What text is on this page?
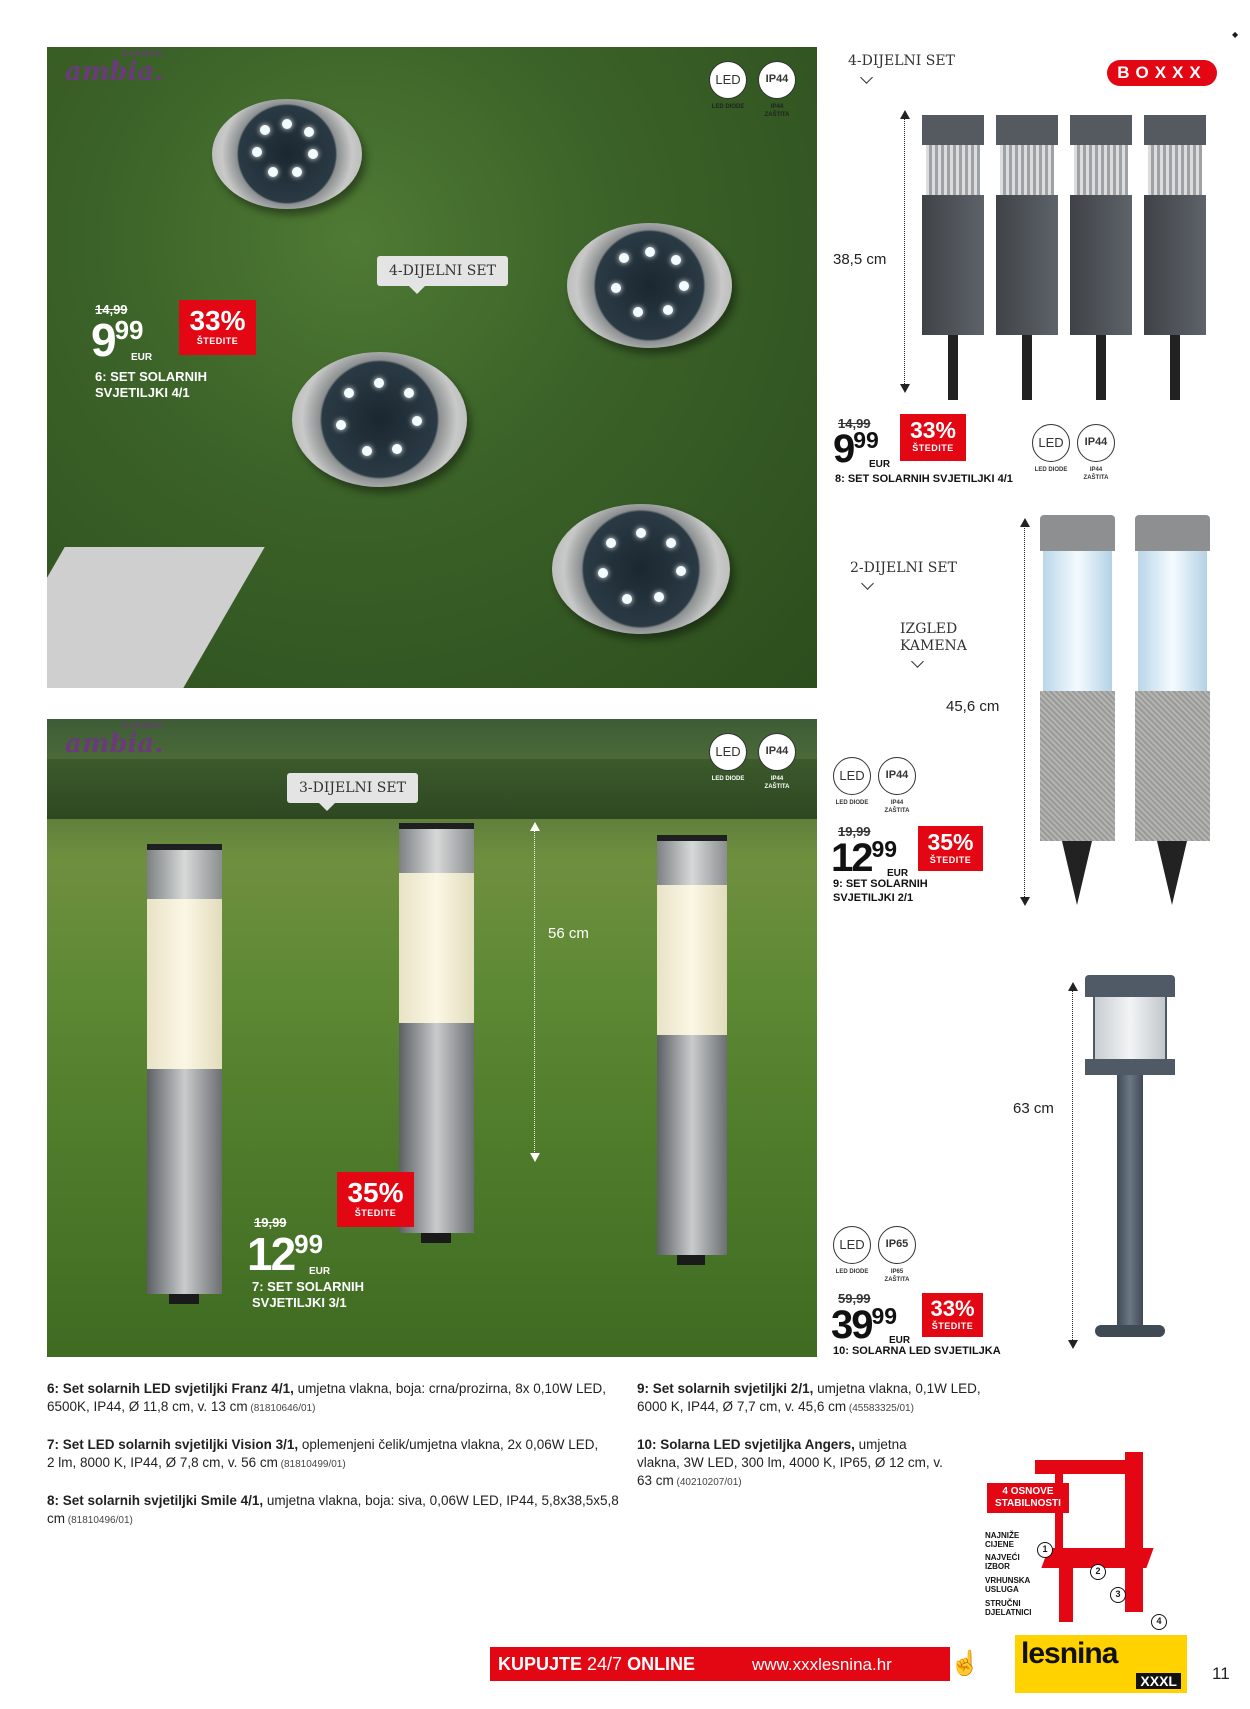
ambia.
GARDEN
4-DIJELNI SET
LED
LED DIODE
IP44
IP44 ZAŠTITA
14,99
999
EUR
33%
ŠTEDITE
6: SET SOLARNIH
SVJETILJKI 4/1
ambia.
GARDEN
3-DIJELNI SET
56 cm
LED
LED DIODE
IP44
IP44 ZAŠTITA
35%
ŠTEDITE
19,99
1299
EUR
7: SET SOLARNIH
SVJETILJKI 3/1
◆
BOXXX
4-DIJELNI SET
38,5 cm
14,99
999
EUR
33%
ŠTEDITE
8: SET SOLARNIH SVJETILJKI 4/1
LED
LED DIODE
IP44
IP44 ZAŠTITA
2-DIJELNI SET
IZGLED
KAMENA
45,6 cm
LED
LED DIODE
IP44
IP44 ZAŠTITA
19,99
1299
EUR
35%
ŠTEDITE
9: SET SOLARNIH
SVJETILJKI 2/1
63 cm
LED
LED DIODE
IP65
IP65 ZAŠTITA
59,99
3999
EUR
33%
ŠTEDITE
10: SOLARNA LED SVJETILJKA
6: Set solarnih LED svjetiljki Franz 4/1, umjetna vlakna, boja: crna/prozirna, 8x 0,10W LED, 6500K, IP44, Ø 11,8 cm, v. 13 cm (81810646/01)
7: Set LED solarnih svjetiljki Vision 3/1, oplemenjeni čelik/umjetna vlakna, 2x 0,06W LED, 2 lm, 8000 K, IP44, Ø 7,8 cm, v. 56 cm (81810499/01)
8: Set solarnih svjetiljki Smile 4/1, umjetna vlakna, boja: siva, 0,06W LED, IP44, 5,8x38,5x5,8 cm (81810496/01)
9: Set solarnih svjetiljki 2/1, umjetna vlakna, 0,1W LED, 6000 K, IP44, Ø 7,7 cm, v. 45,6 cm (45583325/01)
10: Solarna LED svjetiljka Angers, umjetna vlakna, 3W LED, 300 lm, 4000 K, IP65, Ø 12 cm, v. 63 cm (40210207/01)
4 OSNOVE
STABILNOSTI
NAJNIŽE
CIJENE	1
NAJVEĆI
IZBOR	2
VRHUNSKA
USLUGA	3
STRUČNI
DJELATNICI
4
KUPUJTE 24/7 ONLINE	www.xxxlesnina.hr ☝ lesnina
XXXL 11
